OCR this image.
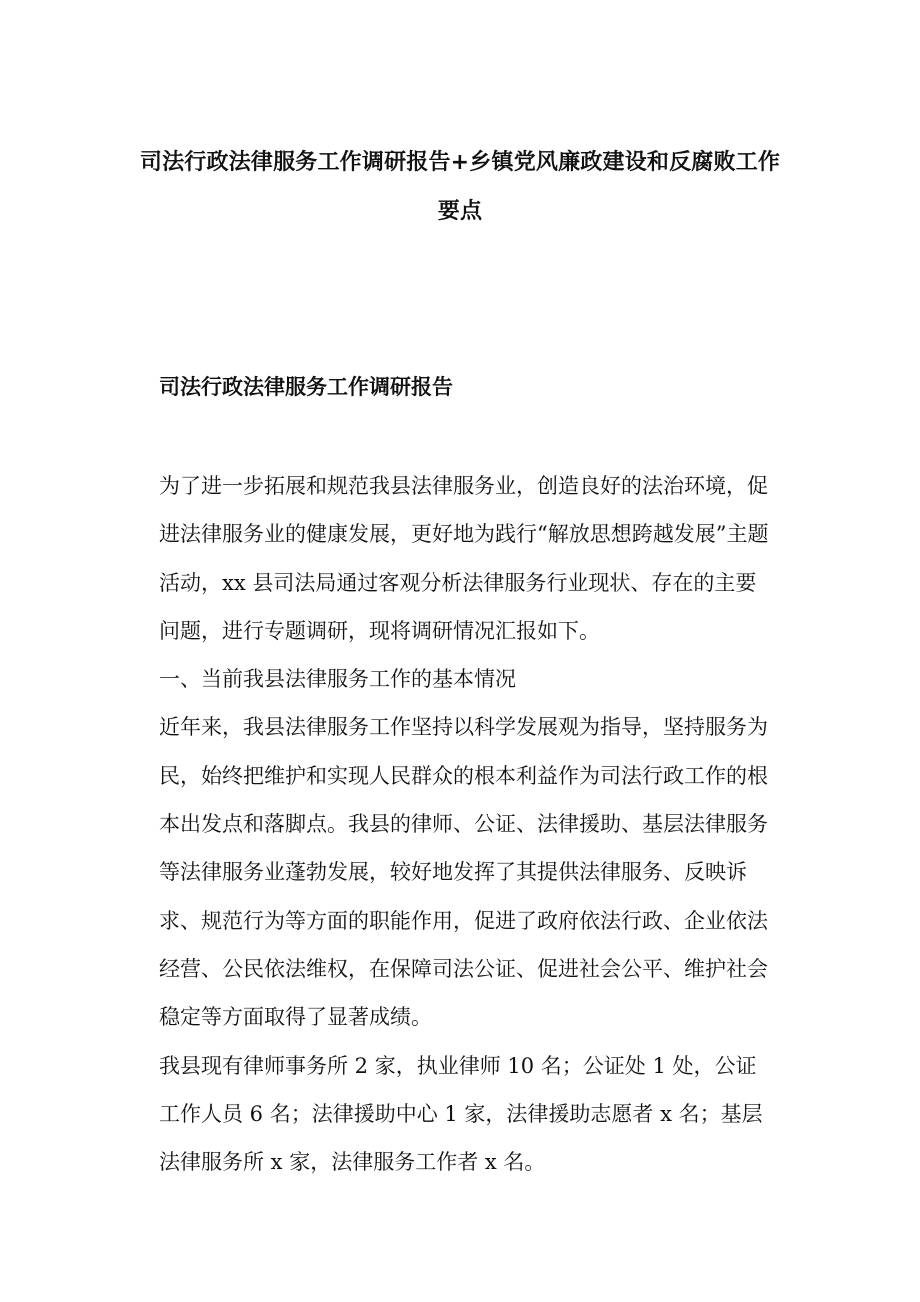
司法行政法律服务工作调研报告+乡镇党风廉政建设和反腐败工作要点
司法行政法律服务工作调研报告

为了进一步拓展和规范我县法律服务业，创造良好的法治环境，促进法律服务业的健康发展，更好地为践行“解放思想跨越发展”主题活动，xx 县司法局通过客观分析法律服务行业现状、存在的主要问题，进行专题调研，现将调研情况汇报如下。

一、当前我县法律服务工作的基本情况

近年来，我县法律服务工作坚持以科学发展观为指导，坚持服务为民，始终把维护和实现人民群众的根本利益作为司法行政工作的根本出发点和落脚点。我县的律师、公证、法律援助、基层法律服务等法律服务业蓬勃发展，较好地发挥了其提供法律服务、反映诉求、规范行为等方面的职能作用，促进了政府依法行政、企业依法经营、公民依法维权，在保障司法公证、促进社会公平、维护社会稳定等方面取得了显著成绩。

我县现有律师事务所 2 家，执业律师 10 名；公证处 1 处，公证工作人员 6 名；法律援助中心 1 家，法律援助志愿者 x 名；基层法律服务所 x 家，法律服务工作者 x 名。
